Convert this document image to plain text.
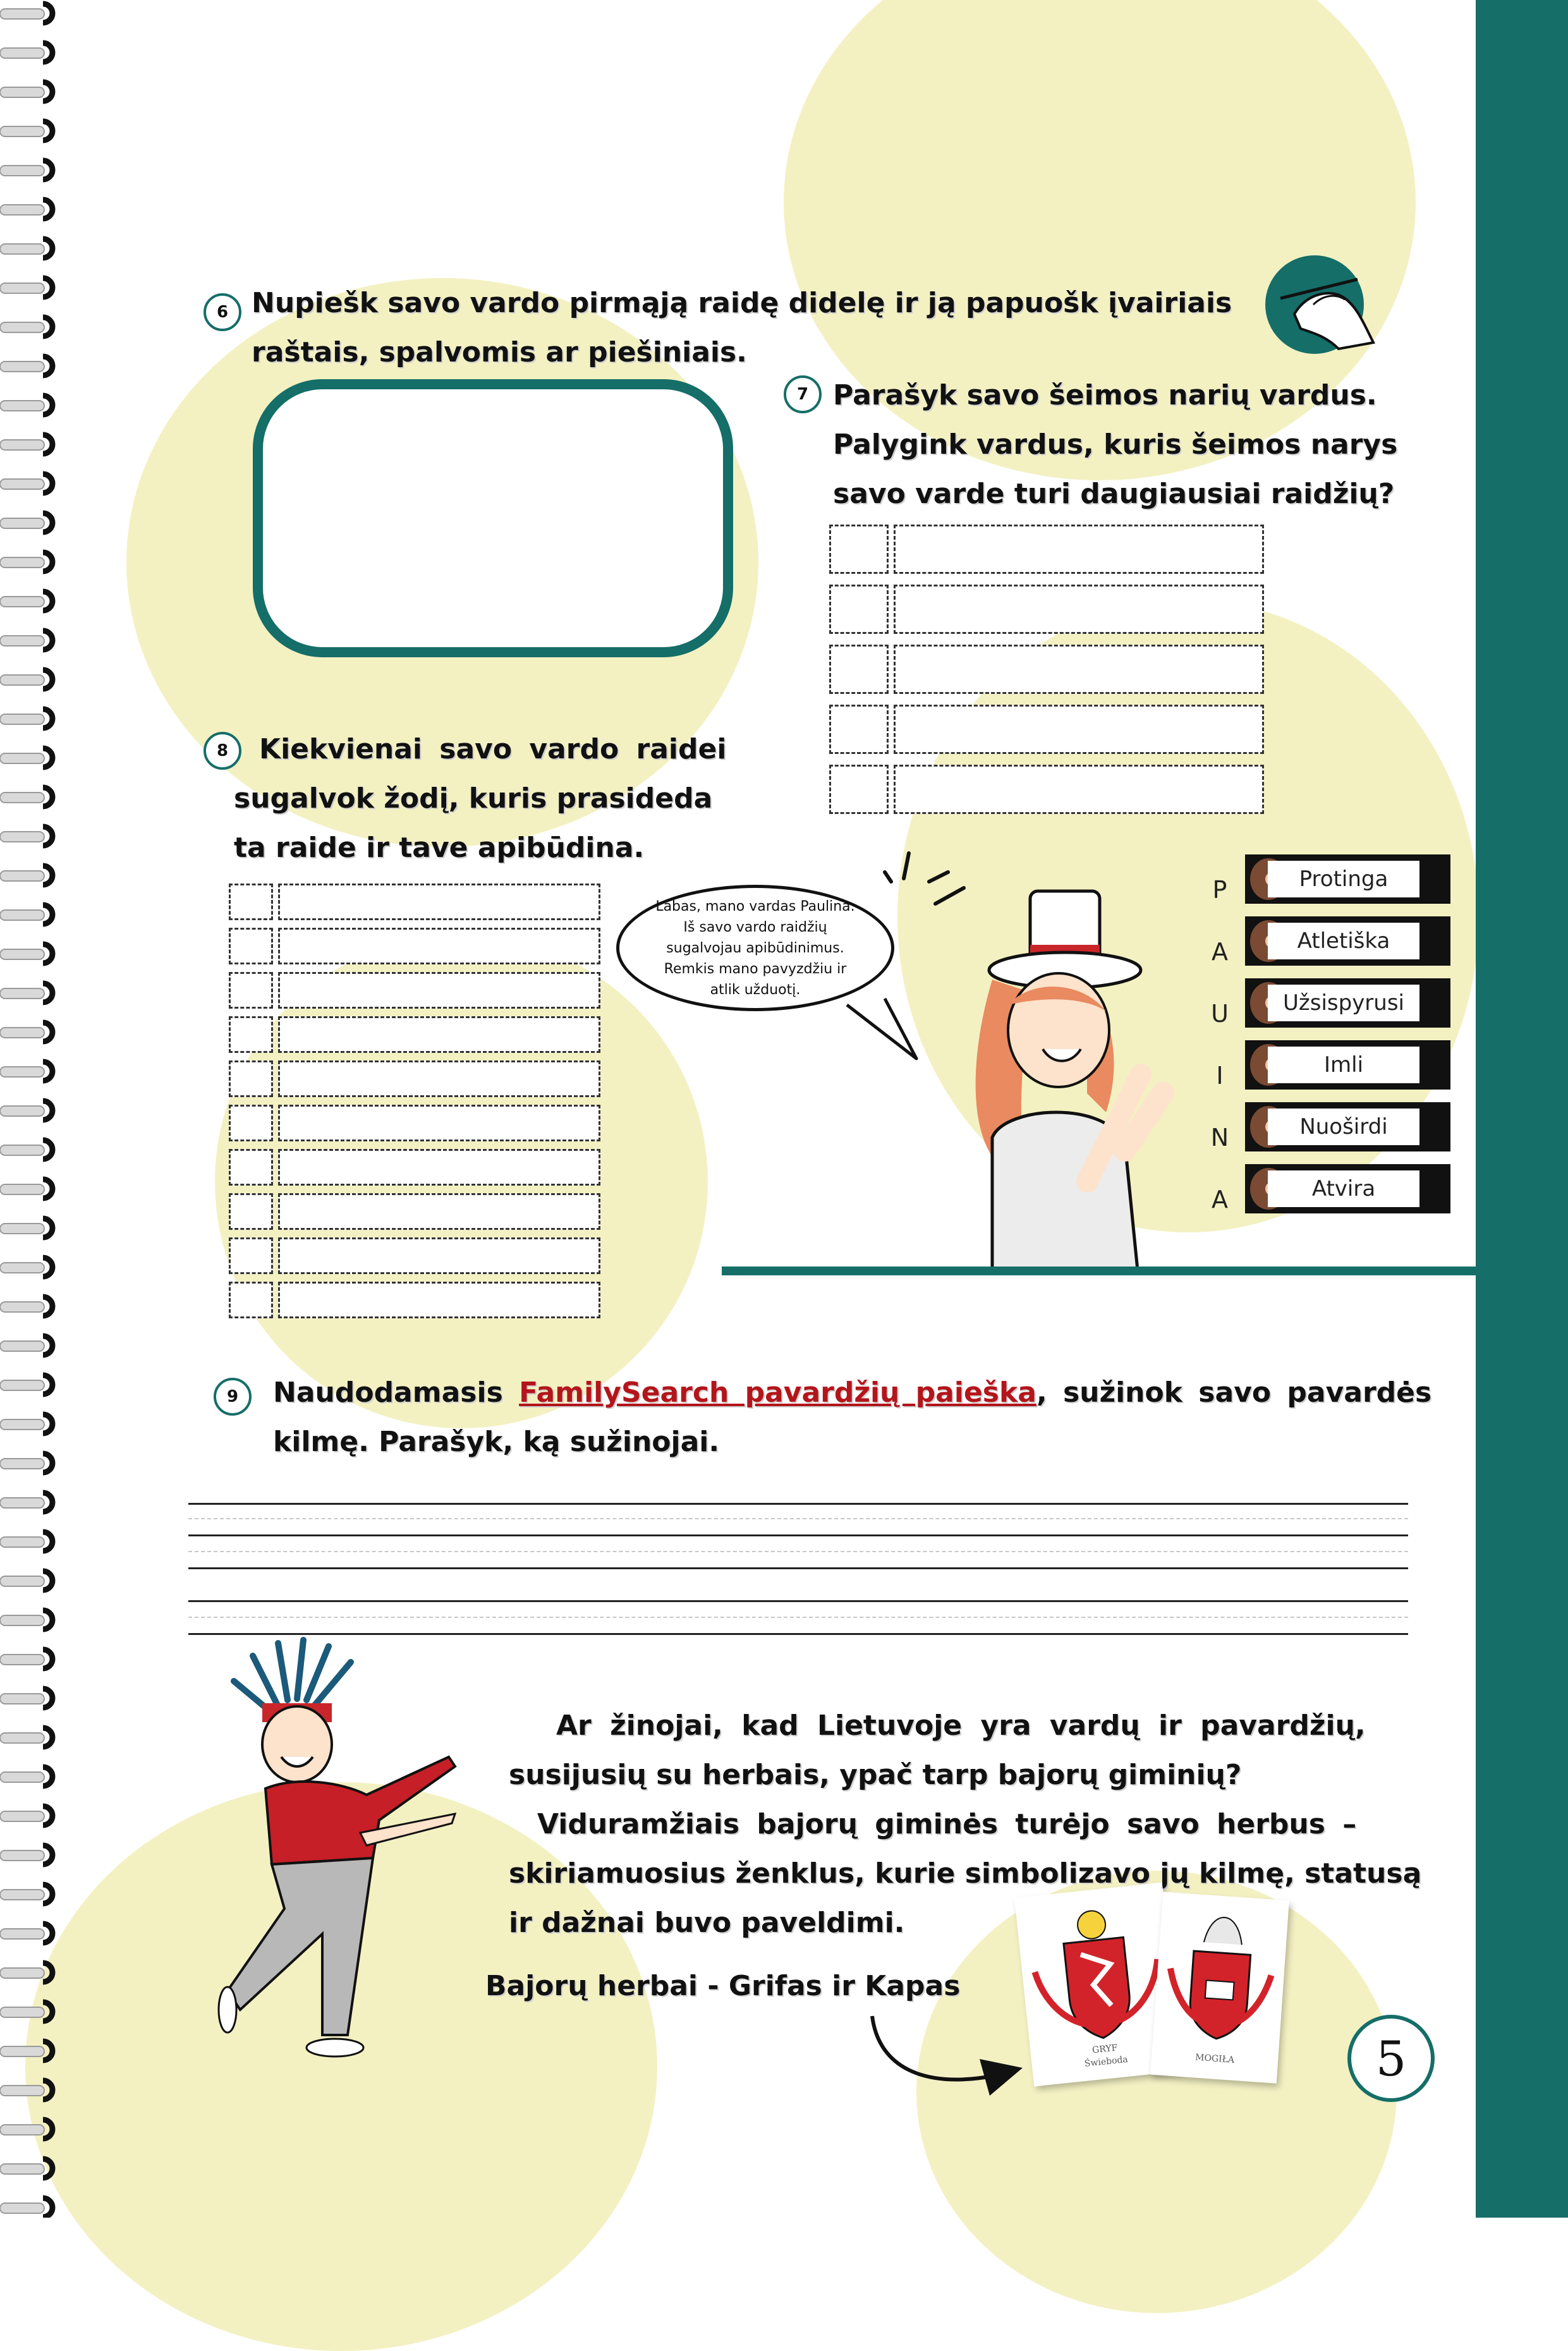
6 Nupiešk savo vardo pirmąją raidę didelę ir ją papuošk įvairiais
raštais, spalvomis ar piešiniais.
7 Parašyk savo šeimos narių vardus.
Palygink vardus, kuris šeimos narys
savo varde turi daugiausiai raidžių?
8 Kiekvienai savo vardo raidei
sugalvok žodį, kuris prasideda
ta raide ir tave apibūdina.
Labas, mano vardas Paulina. Iš savo vardo raidžių sugalvojau apibūdinimus. Remkis mano pavyzdžiu ir atlik užduotį.
P	Protinga
A	Atletiška
U	Užsispyrusi
I	Imli
N	Nuoširdi
A	Atvira
9 Naudodamasis FamilySearch pavardžių paieška, sužinok savo pavardės
kilmę. Parašyk, ką sužinojai.
Ar žinojai, kad Lietuvoje yra vardų ir pavardžių,
susijusių su herbais, ypač tarp bajorų giminių?
Viduramžiais bajorų giminės turėjo savo herbus –
skiriamuosius ženklus, kurie simbolizavo jų kilmę, statusą
ir dažnai buvo paveldimi.
Bajorų herbai - Grifas ir Kapas
GRYF
Świeboda	MOGIŁA	5
